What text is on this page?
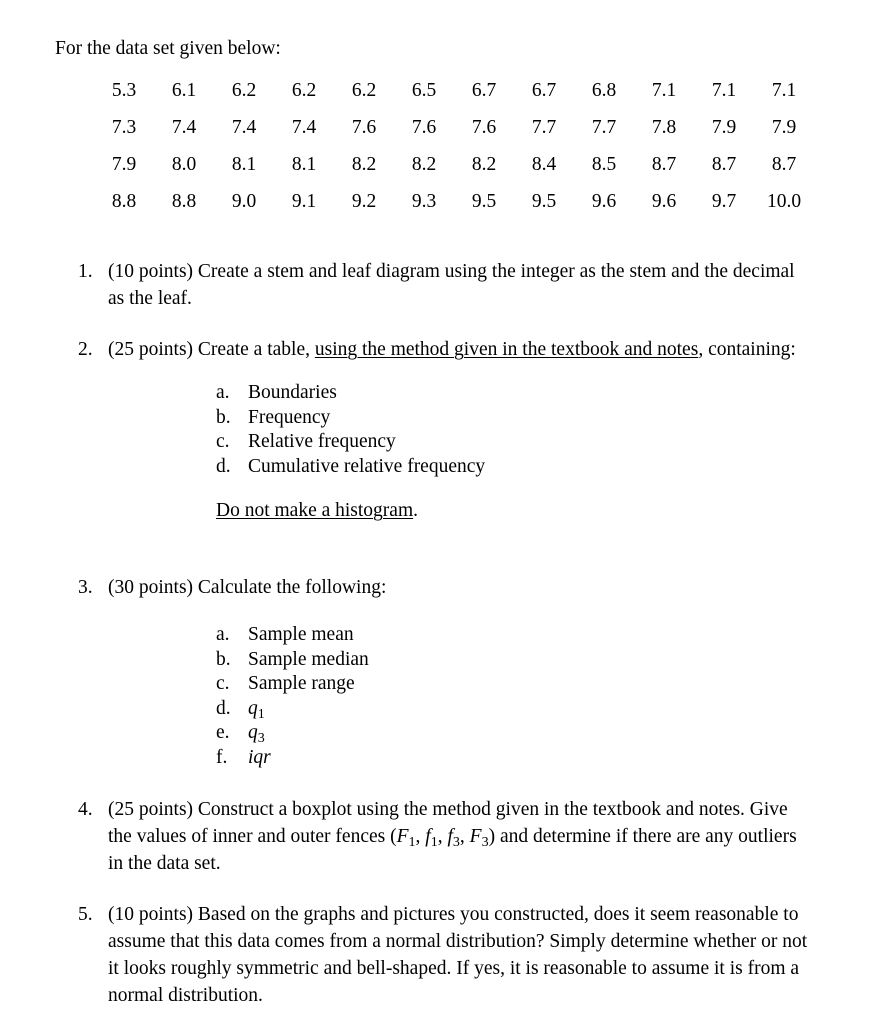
For the data set given below:
5.3	6.1	6.2	6.2	6.2	6.5	6.7	6.7	6.8	7.1	7.1	7.1
7.3	7.4	7.4	7.4	7.6	7.6	7.6	7.7	7.7	7.8	7.9	7.9
7.9	8.0	8.1	8.1	8.2	8.2	8.2	8.4	8.5	8.7	8.7	8.7
8.8	8.8	9.0	9.1	9.2	9.3	9.5	9.5	9.6	9.6	9.7	10.0
1. (10 points) Create a stem and leaf diagram using the integer as the stem and the decimal as the leaf.
2. (25 points) Create a table, using the method given in the textbook and notes, containing:
a. Boundaries
b. Frequency
c. Relative frequency
d. Cumulative relative frequency
Do not make a histogram.
3. (30 points) Calculate the following:
a. Sample mean
b. Sample median
c. Sample range
d. $q_1$
e. $q_3$
f.	iqr
4. (25 points) Construct a boxplot using the method given in the textbook and notes. Give the values of inner and outer fences ($F_1$, $f_1$, $f_3$, $F_3$) and determine if there are any outliers in the data set.
5. (10 points) Based on the graphs and pictures you constructed, does it seem reasonable to assume that this data comes from a normal distribution? Simply determine whether or not it looks roughly symmetric and bell-shaped. If yes, it is reasonable to assume it is from a normal distribution.
